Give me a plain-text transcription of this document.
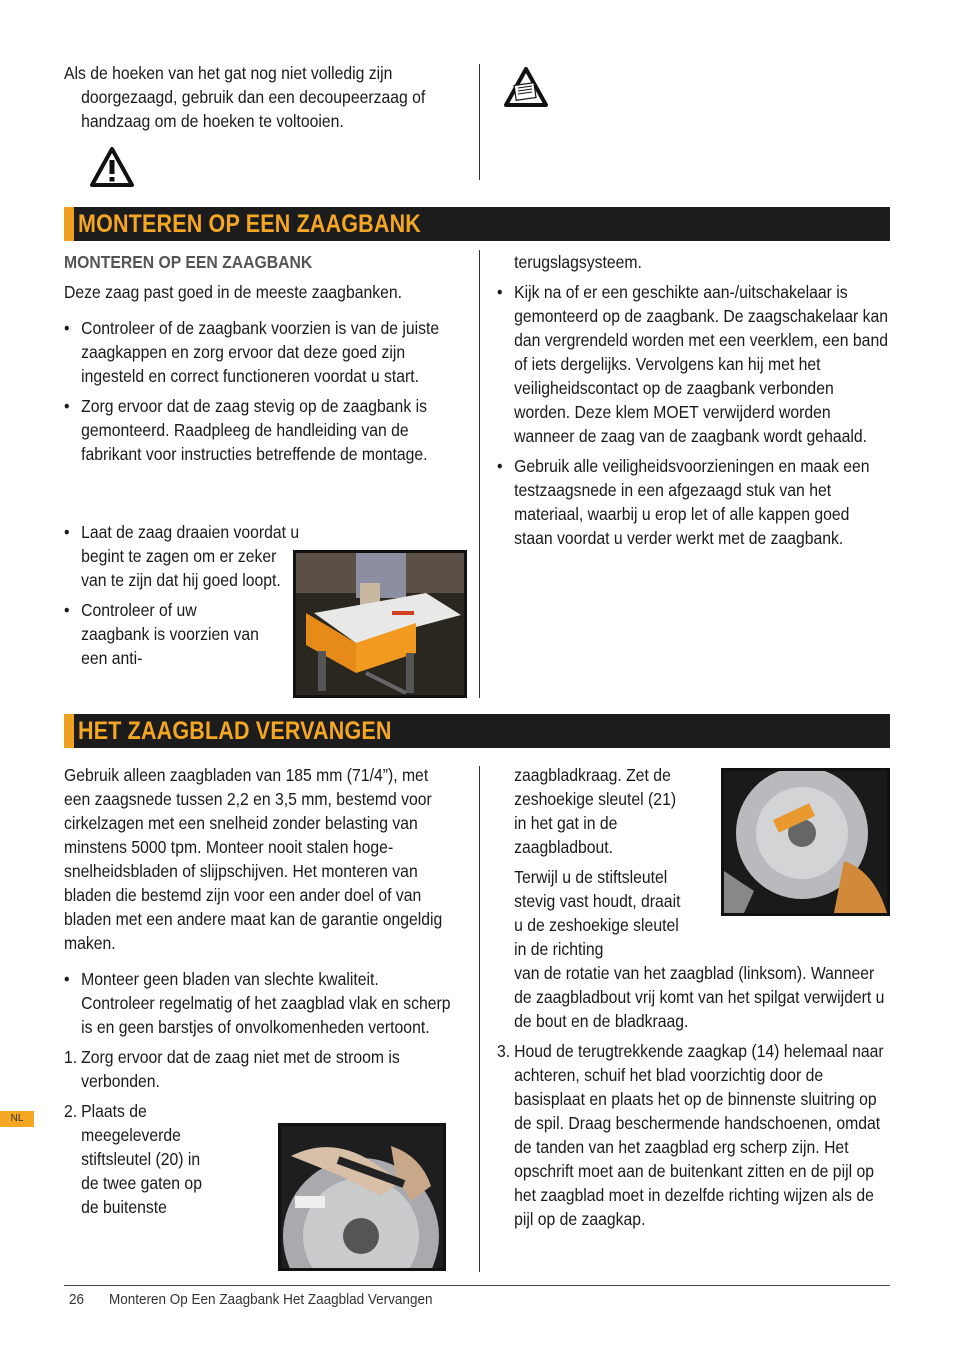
Als de hoeken van het gat nog niet volledig zijn doorgezaagd, gebruik dan een decoupeerzaag of handzaag om de hoeken te voltooien.

MONTEREN OP EEN ZAAGBANK

MONTEREN OP EEN ZAAGBANK

Deze zaag past goed in de meeste zaagbanken.

• Controleer of de zaagbank voorzien is van de juiste zaagkappen en zorg ervoor dat deze goed zijn ingesteld en correct functioneren voordat u start.

• Zorg ervoor dat de zaag stevig op de zaagbank is gemonteerd. Raadpleeg de handleiding van de fabrikant voor instructies betreffende de montage.

• Laat de zaag draaien voordat u begint te zagen om er zeker van te zijn dat hij goed loopt.

• Controleer of uw zaagbank is voorzien van een anti-

terugslagsysteem.

• Kijk na of er een geschikte aan-/uitschakelaar is gemonteerd op de zaagbank. De zaagschakelaar kan dan vergrendeld worden met een veerklem, een band of iets dergelijks. Vervolgens kan hij met het veiligheidscontact op de zaagbank verbonden worden. Deze klem MOET verwijderd worden wanneer de zaag van de zaagbank wordt gehaald.

• Gebruik alle veiligheidsvoorzieningen en maak een testzaagsnede in een afgezaagd stuk van het materiaal, waarbij u erop let of alle kappen goed staan voordat u verder werkt met de zaagbank.

HET ZAAGBLAD VERVANGEN

Gebruik alleen zaagbladen van 185 mm (71/4”), met een zaagsnede tussen 2,2 en 3,5 mm, bestemd voor cirkelzagen met een snelheid zonder belasting van minstens 5000 tpm. Monteer nooit stalen hoge-snelheidsbladen of slijpschijven. Het monteren van bladen die bestemd zijn voor een ander doel of van bladen met een andere maat kan de garantie ongeldig maken.

• Monteer geen bladen van slechte kwaliteit. Controleer regelmatig of het zaagblad vlak en scherp is en geen barstjes of onvolkomenheden vertoont.

1. Zorg ervoor dat de zaag niet met de stroom is verbonden.

2. Plaats de meegeleverde stiftsleutel (20) in de twee gaten op de buitenste

zaagbladkraag. Zet de zeshoekige sleutel (21) in het gat in de zaagbladbout.

Terwijl u de stiftsleutel stevig vast houdt, draait u de zeshoekige sleutel in de richting
van de rotatie van het zaagblad (linksom). Wanneer de zaagbladbout vrij komt van het spilgat verwijdert u de bout en de bladkraag.

3. Houd de terugtrekkende zaagkap (14) helemaal naar achteren, schuif het blad voorzichtig door de basisplaat en plaats het op de binnenste sluitring op de spil. Draag beschermende handschoenen, omdat de tanden van het zaagblad erg scherp zijn. Het opschrift moet aan de buitenkant zitten en de pijl op het zaagblad moet in dezelfde richting wijzen als de pijl op de zaagkap.

NL
26 Monteren Op Een Zaagbank Het Zaagblad Vervangen
